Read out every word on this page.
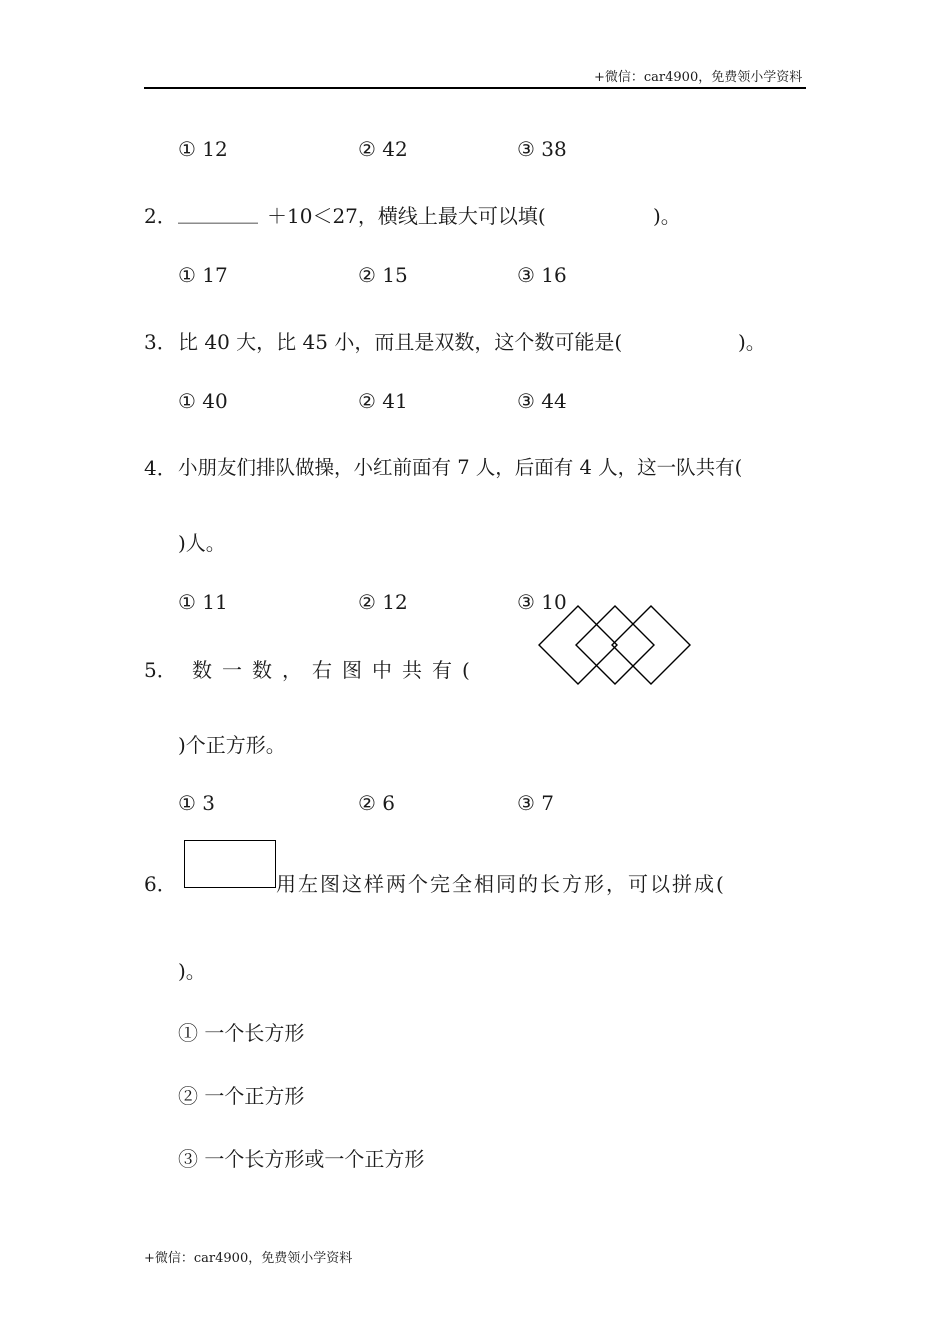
+微信：car4900，免费领小学资料
① 12	② 42	③ 38
2． ________ ＋10＜27，横线上最大可以填(	)。
① 17	② 15	③ 16
3． 比 40 大，比 45 小，而且是双数，这个数可能是(	)。
① 40	② 41	③ 44
4． 小朋友们排队做操，小红前面有 7 人，后面有 4 人，这一队共有(
)人。
① 11	② 12	③ 10
5． 数一数，右图中共有(
)个正方形。
① 3	② 6	③ 7
6．	用左图这样两个完全相同的长方形，可以拼成(
)。
① 一个长方形
② 一个正方形
③ 一个长方形或一个正方形
+微信：car4900，免费领小学资料
